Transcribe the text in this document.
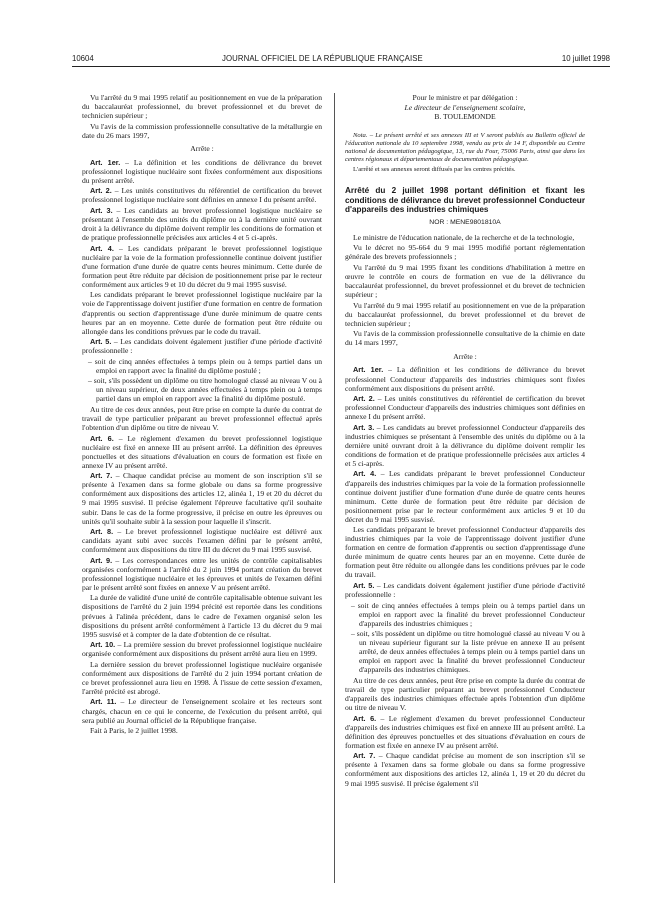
10604	JOURNAL OFFICIEL DE LA RÉPUBLIQUE FRANÇAISE	10 juillet 1998

Vu l'arrêté du 9 mai 1995 relatif au positionnement en vue de la préparation du baccalauréat professionnel, du brevet professionnel et du brevet de technicien supérieur ;

Vu l'avis de la commission professionnelle consultative de la métallurgie en date du 26 mars 1997,

Arrête :

Art. 1er. – La définition et les conditions de délivrance du brevet professionnel logistique nucléaire sont fixées conformément aux dispositions du présent arrêté.

Art. 2. – Les unités constitutives du référentiel de certification du brevet professionnel logistique nucléaire sont définies en annexe I du présent arrêté.

Art. 3. – Les candidats au brevet professionnel logistique nucléaire se présentant à l'ensemble des unités du diplôme ou à la dernière unité ouvrant droit à la délivrance du diplôme doivent remplir les conditions de formation et de pratique professionnelle précisées aux articles 4 et 5 ci-après.

Art. 4. – Les candidats préparant le brevet professionnel logistique nucléaire par la voie de la formation professionnelle continue doivent justifier d'une formation d'une durée de quatre cents heures minimum. Cette durée de formation peut être réduite par décision de positionnement prise par le recteur conformément aux articles 9 et 10 du décret du 9 mai 1995 susvisé.

Les candidats préparant le brevet professionnel logistique nucléaire par la voie de l'apprentissage doivent justifier d'une formation en centre de formation d'apprentis ou section d'apprentissage d'une durée minimum de quatre cents heures par an en moyenne. Cette durée de formation peut être réduite ou allongée dans les conditions prévues par le code du travail.

Art. 5. – Les candidats doivent également justifier d'une période d'activité professionnelle :

– soit de cinq années effectuées à temps plein ou à temps partiel dans un emploi en rapport avec la finalité du diplôme postulé ;

– soit, s'ils possèdent un diplôme ou titre homologué classé au niveau V ou à un niveau supérieur, de deux années effectuées à temps plein ou à temps partiel dans un emploi en rapport avec la finalité du diplôme postulé.

Au titre de ces deux années, peut être prise en compte la durée du contrat de travail de type particulier préparant au brevet professionnel effectué après l'obtention d'un diplôme ou titre de niveau V.

Art. 6. – Le règlement d'examen du brevet professionnel logistique nucléaire est fixé en annexe III au présent arrêté. La définition des épreuves ponctuelles et des situations d'évaluation en cours de formation est fixée en annexe IV au présent arrêté.

Art. 7. – Chaque candidat précise au moment de son inscription s'il se présente à l'examen dans sa forme globale ou dans sa forme progressive conformément aux dispositions des articles 12, alinéa 1, 19 et 20 du décret du 9 mai 1995 susvisé. Il précise également l'épreuve facultative qu'il souhaite subir. Dans le cas de la forme progressive, il précise en outre les épreuves ou unités qu'il souhaite subir à la session pour laquelle il s'inscrit.

Art. 8. – Le brevet professionnel logistique nucléaire est délivré aux candidats ayant subi avec succès l'examen défini par le présent arrêté, conformément aux dispositions du titre III du décret du 9 mai 1995 susvisé.

Art. 9. – Les correspondances entre les unités de contrôle capitalisables organisées conformément à l'arrêté du 2 juin 1994 portant création du brevet professionnel logistique nucléaire et les épreuves et unités de l'examen défini par le présent arrêté sont fixées en annexe V au présent arrêté.

La durée de validité d'une unité de contrôle capitalisable obtenue suivant les dispositions de l'arrêté du 2 juin 1994 précité est reportée dans les conditions prévues à l'alinéa précédent, dans le cadre de l'examen organisé selon les dispositions du présent arrêté conformément à l'article 13 du décret du 9 mai 1995 susvisé et à compter de la date d'obtention de ce résultat.

Art. 10. – La première session du brevet professionnel logistique nucléaire organisée conformément aux dispositions du présent arrêté aura lieu en 1999.

La dernière session du brevet professionnel logistique nucléaire organisée conformément aux dispositions de l'arrêté du 2 juin 1994 portant création de ce brevet professionnel aura lieu en 1998. À l'issue de cette session d'examen, l'arrêté précité est abrogé.

Art. 11. – Le directeur de l'enseignement scolaire et les recteurs sont chargés, chacun en ce qui le concerne, de l'exécution du présent arrêté, qui sera publié au Journal officiel de la République française.

Fait à Paris, le 2 juillet 1998.

Pour le ministre et par délégation :
Le directeur de l'enseignement scolaire,
B. TOULEMONDE

Nota. – Le présent arrêté et ses annexes III et V seront publiés au Bulletin officiel de l'éducation nationale du 10 septembre 1998, vendu au prix de 14 F, disponible au Centre national de documentation pédagogique, 13, rue du Four, 75006 Paris, ainsi que dans les centres régionaux et départementaux de documentation pédagogique.

L'arrêté et ses annexes seront diffusés par les centres précités.

Arrêté du 2 juillet 1998 portant définition et fixant les conditions de délivrance du brevet professionnel Conducteur d'appareils des industries chimiques
NOR : MENE9801810A

Le ministre de l'éducation nationale, de la recherche et de la technologie,

Vu le décret no 95-664 du 9 mai 1995 modifié portant réglementation générale des brevets professionnels ;

Vu l'arrêté du 9 mai 1995 fixant les conditions d'habilitation à mettre en œuvre le contrôle en cours de formation en vue de la délivrance du baccalauréat professionnel, du brevet professionnel et du brevet de technicien supérieur ;

Vu l'arrêté du 9 mai 1995 relatif au positionnement en vue de la préparation du baccalauréat professionnel, du brevet professionnel et du brevet de technicien supérieur ;

Vu l'avis de la commission professionnelle consultative de la chimie en date du 14 mars 1997,

Arrête :

Art. 1er. – La définition et les conditions de délivrance du brevet professionnel Conducteur d'appareils des industries chimiques sont fixées conformément aux dispositions du présent arrêté.

Art. 2. – Les unités constitutives du référentiel de certification du brevet professionnel Conducteur d'appareils des industries chimiques sont définies en annexe I du présent arrêté.

Art. 3. – Les candidats au brevet professionnel Conducteur d'appareils des industries chimiques se présentant à l'ensemble des unités du diplôme ou à la dernière unité ouvrant droit à la délivrance du diplôme doivent remplir les conditions de formation et de pratique professionnelle précisées aux articles 4 et 5 ci-après.

Art. 4. – Les candidats préparant le brevet professionnel Conducteur d'appareils des industries chimiques par la voie de la formation professionnelle continue doivent justifier d'une formation d'une durée de quatre cents heures minimum. Cette durée de formation peut être réduite par décision de positionnement prise par le recteur conformément aux articles 9 et 10 du décret du 9 mai 1995 susvisé.

Les candidats préparant le brevet professionnel Conducteur d'appareils des industries chimiques par la voie de l'apprentissage doivent justifier d'une formation en centre de formation d'apprentis ou section d'apprentissage d'une durée minimum de quatre cents heures par an en moyenne. Cette durée de formation peut être réduite ou allongée dans les conditions prévues par le code du travail.

Art. 5. – Les candidats doivent également justifier d'une période d'activité professionnelle :

– soit de cinq années effectuées à temps plein ou à temps partiel dans un emploi en rapport avec la finalité du brevet professionnel Conducteur d'appareils des industries chimiques ;

– soit, s'ils possèdent un diplôme ou titre homologué classé au niveau V ou à un niveau supérieur figurant sur la liste prévue en annexe II au présent arrêté, de deux années effectuées à temps plein ou à temps partiel dans un emploi en rapport avec la finalité du brevet professionnel Conducteur d'appareils des industries chimiques.

Au titre de ces deux années, peut être prise en compte la durée du contrat de travail de type particulier préparant au brevet professionnel Conducteur d'appareils des industries chimiques effectuée après l'obtention d'un diplôme ou titre de niveau V.

Art. 6. – Le règlement d'examen du brevet professionnel Conducteur d'appareils des industries chimiques est fixé en annexe III au présent arrêté. La définition des épreuves ponctuelles et des situations d'évaluation en cours de formation est fixée en annexe IV au présent arrêté.

Art. 7. – Chaque candidat précise au moment de son inscription s'il se présente à l'examen dans sa forme globale ou dans sa forme progressive conformément aux dispositions des articles 12, alinéa 1, 19 et 20 du décret du 9 mai 1995 susvisé. Il précise également s'il
